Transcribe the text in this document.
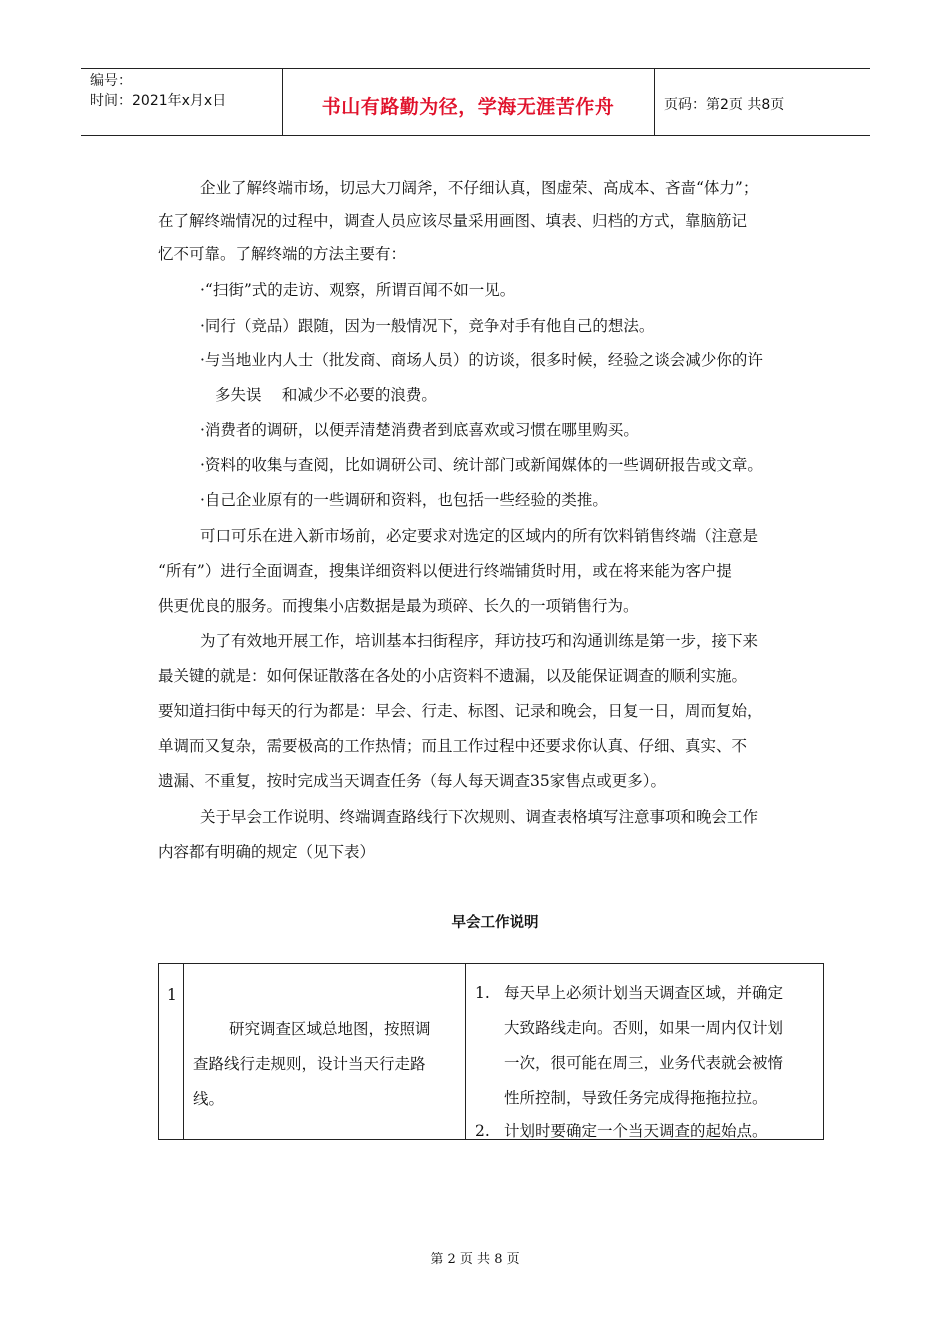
编号：
时间：2021年x月x日	书山有路勤为径，学海无涯苦作舟	页码：第2页 共8页
企业了解终端市场，切忌大刀阔斧，不仔细认真，图虚荣、高成本、吝啬“体力”；
在了解终端情况的过程中，调查人员应该尽量采用画图、填表、归档的方式，靠脑筋记
忆不可靠。了解终端的方法主要有：
·“扫街”式的走访、观察，所谓百闻不如一见。
·同行（竞品）跟随，因为一般情况下，竞争对手有他自己的想法。
·与当地业内人士（批发商、商场人员）的访谈，很多时候，经验之谈会减少你的许
多失误　 和减少不必要的浪费。
·消费者的调研，以便弄清楚消费者到底喜欢或习惯在哪里购买。
·资料的收集与查阅，比如调研公司、统计部门或新闻媒体的一些调研报告或文章。
·自己企业原有的一些调研和资料，也包括一些经验的类推。
可口可乐在进入新市场前，必定要求对选定的区域内的所有饮料销售终端（注意是
“所有”）进行全面调查，搜集详细资料以便进行终端铺货时用，或在将来能为客户提
供更优良的服务。而搜集小店数据是最为琐碎、长久的一项销售行为。
为了有效地开展工作，培训基本扫街程序，拜访技巧和沟通训练是第一步，接下来
最关键的就是：如何保证散落在各处的小店资料不遗漏，以及能保证调查的顺利实施。
要知道扫街中每天的行为都是：早会、行走、标图、记录和晚会，日复一日，周而复始，
单调而又复杂，需要极高的工作热情；而且工作过程中还要求你认真、仔细、真实、不
遗漏、不重复，按时完成当天调查任务（每人每天调查35家售点或更多）。
关于早会工作说明、终端调查路线行下次规则、调查表格填写注意事项和晚会工作
内容都有明确的规定（见下表）
早会工作说明
1
研究调查区域总地图，按照调
查路线行走规则，设计当天行走路
线。
1. 每天早上必须计划当天调查区域，并确定
大致路线走向。否则，如果一周内仅计划
一次，很可能在周三，业务代表就会被惰
性所控制，导致任务完成得拖拖拉拉。
2. 计划时要确定一个当天调查的起始点。
第 2 页 共 8 页
